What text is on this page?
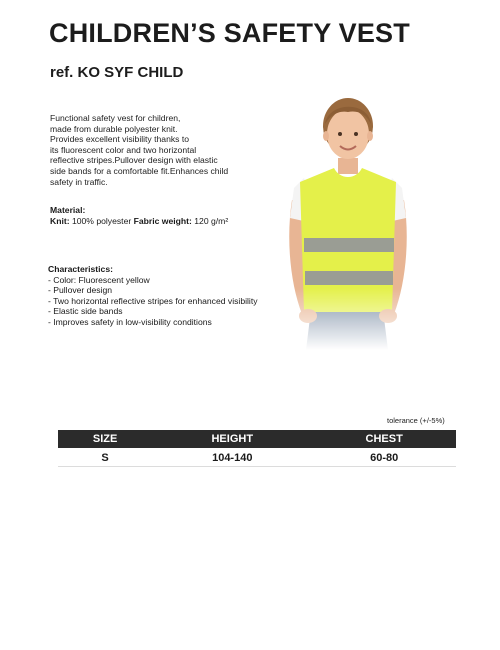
CHILDREN’S SAFETY VEST
ref. KO SYF CHILD
Functional safety vest for children,
made from durable polyester knit.
Provides excellent visibility thanks to
its fluorescent color and two horizontal
reflective stripes.Pullover design with elastic
side bands for a comfortable fit.Enhances child
safety in traffic.
Material:
Knit: 100% polyester Fabric weight: 120 g/m²
Characteristics:
- Color: Fluorescent yellow
- Pullover design
- Two horizontal reflective stripes for enhanced visibility
- Elastic side bands
- Improves safety in low-visibility conditions
tolerance (+/-5%)
SIZE	HEIGHT	CHEST
S	104-140	60-80
